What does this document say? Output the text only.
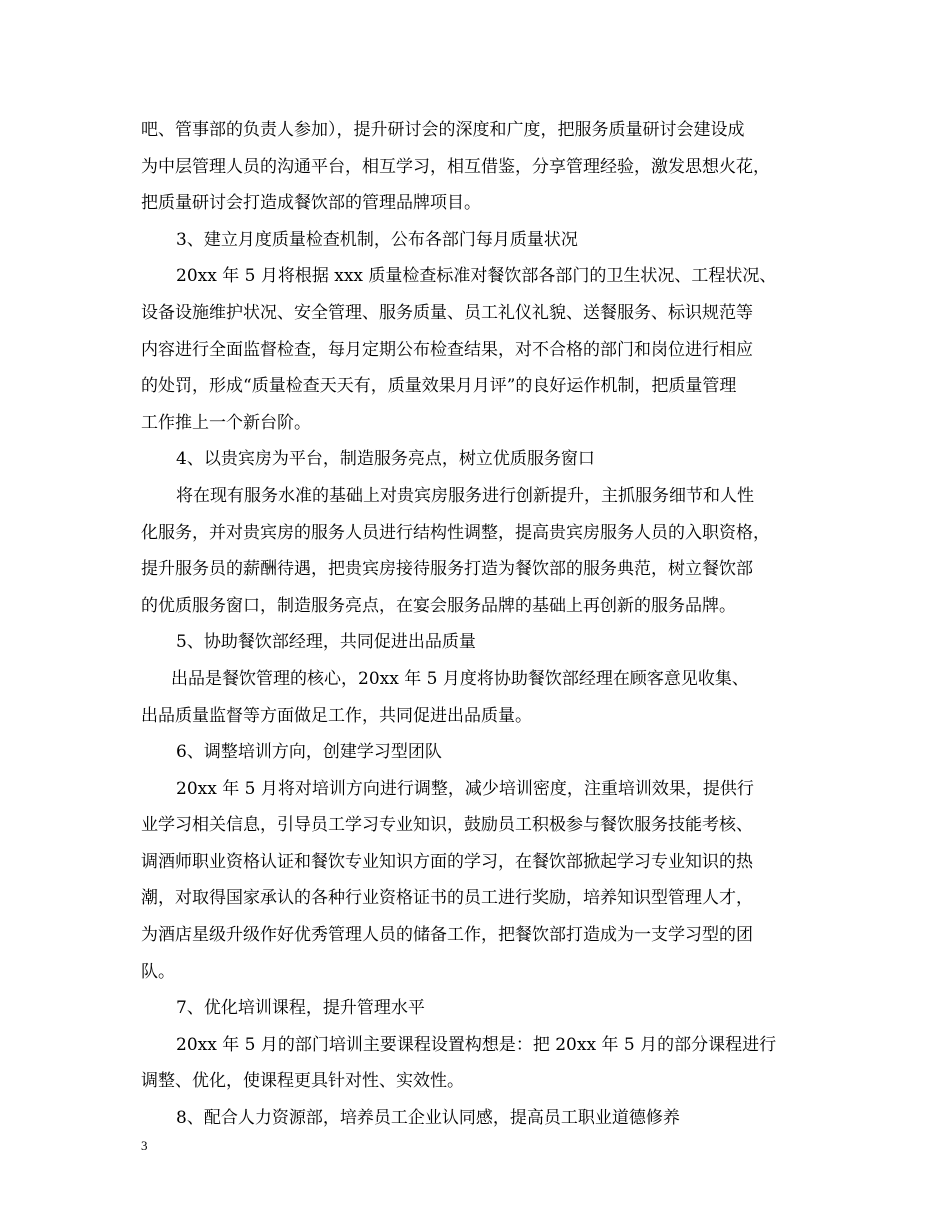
吧、管事部的负责人参加），提升研讨会的深度和广度，把服务质量研讨会建设成
为中层管理人员的沟通平台，相互学习，相互借鉴，分享管理经验，激发思想火花，
把质量研讨会打造成餐饮部的管理品牌项目。
3、建立月度质量检查机制，公布各部门每月质量状况
20xx 年 5 月将根据 xxx 质量检查标准对餐饮部各部门的卫生状况、工程状况、
设备设施维护状况、安全管理、服务质量、员工礼仪礼貌、送餐服务、标识规范等
内容进行全面监督检查，每月定期公布检查结果，对不合格的部门和岗位进行相应
的处罚，形成“质量检查天天有，质量效果月月评”的良好运作机制，把质量管理
工作推上一个新台阶。
4、以贵宾房为平台，制造服务亮点，树立优质服务窗口
将在现有服务水准的基础上对贵宾房服务进行创新提升，主抓服务细节和人性
化服务，并对贵宾房的服务人员进行结构性调整，提高贵宾房服务人员的入职资格，
提升服务员的薪酬待遇，把贵宾房接待服务打造为餐饮部的服务典范，树立餐饮部
的优质服务窗口，制造服务亮点，在宴会服务品牌的基础上再创新的服务品牌。
5、协助餐饮部经理，共同促进出品质量
出品是餐饮管理的核心，20xx 年 5 月度将协助餐饮部经理在顾客意见收集、
出品质量监督等方面做足工作，共同促进出品质量。
6、调整培训方向，创建学习型团队
20xx 年 5 月将对培训方向进行调整，减少培训密度，注重培训效果，提供行
业学习相关信息，引导员工学习专业知识，鼓励员工积极参与餐饮服务技能考核、
调酒师职业资格认证和餐饮专业知识方面的学习，在餐饮部掀起学习专业知识的热
潮，对取得国家承认的各种行业资格证书的员工进行奖励，培养知识型管理人才，
为酒店星级升级作好优秀管理人员的储备工作，把餐饮部打造成为一支学习型的团
队。
7、优化培训课程，提升管理水平
20xx 年 5 月的部门培训主要课程设置构想是：把 20xx 年 5 月的部分课程进行
调整、优化，使课程更具针对性、实效性。
8、配合人力资源部，培养员工企业认同感，提高员工职业道德修养
3
